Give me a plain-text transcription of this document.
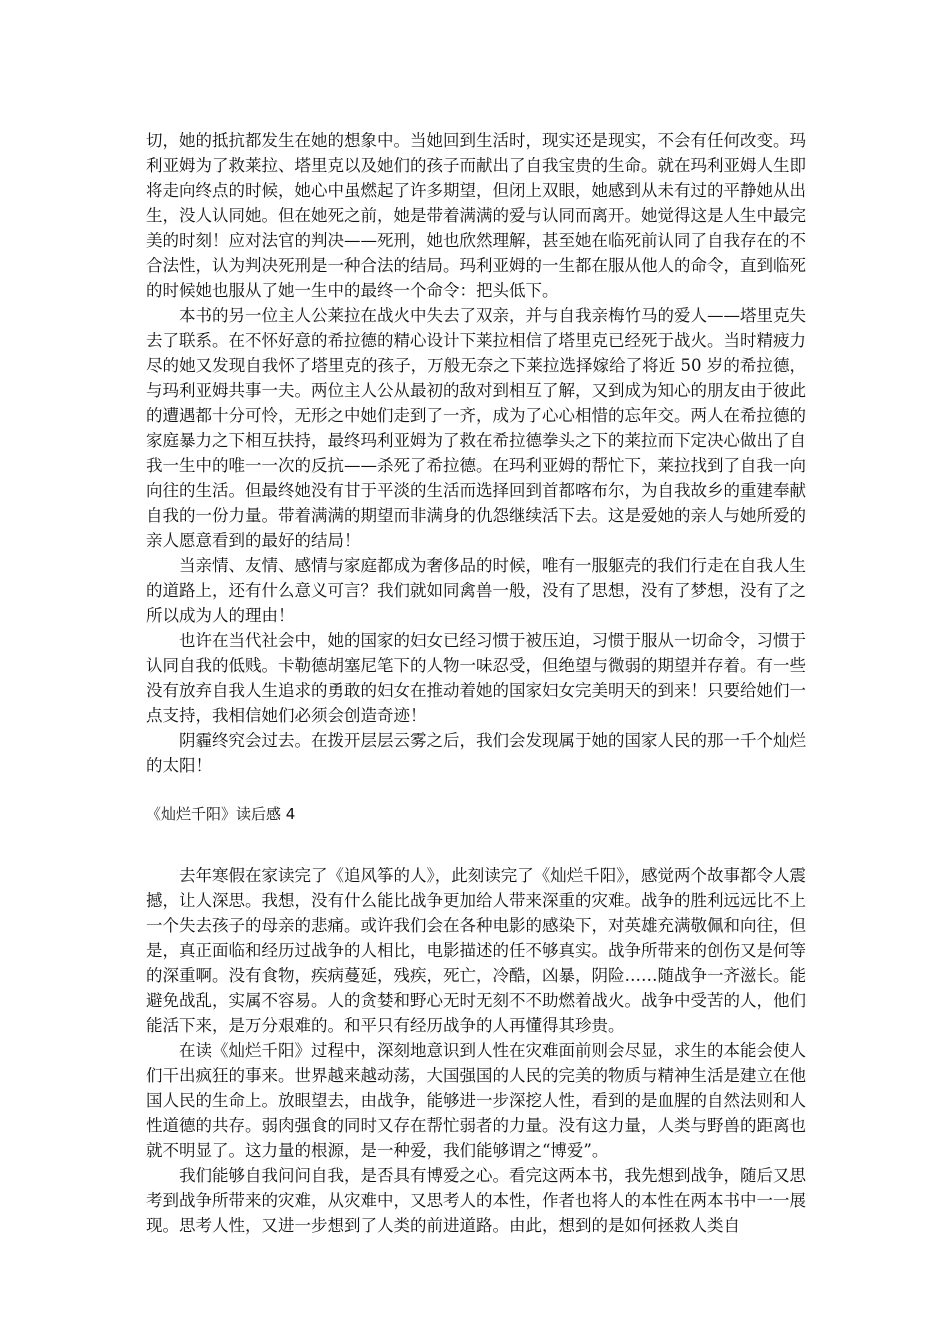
切，她的抵抗都发生在她的想象中。当她回到生活时，现实还是现实，不会有任何改变。玛利亚姆为了救莱拉、塔里克以及她们的孩子而献出了自我宝贵的生命。就在玛利亚姆人生即将走向终点的时候，她心中虽燃起了许多期望，但闭上双眼，她感到从未有过的平静她从出生，没人认同她。但在她死之前，她是带着满满的爱与认同而离开。她觉得这是人生中最完美的时刻！应对法官的判决——死刑，她也欣然理解，甚至她在临死前认同了自我存在的不合法性，认为判决死刑是一种合法的结局。玛利亚姆的一生都在服从他人的命令，直到临死的时候她也服从了她一生中的最终一个命令：把头低下。

本书的另一位主人公莱拉在战火中失去了双亲，并与自我亲梅竹马的爱人——塔里克失去了联系。在不怀好意的希拉德的精心设计下莱拉相信了塔里克已经死于战火。当时精疲力尽的她又发现自我怀了塔里克的孩子，万般无奈之下莱拉选择嫁给了将近 50 岁的希拉德，与玛利亚姆共事一夫。两位主人公从最初的敌对到相互了解，又到成为知心的朋友由于彼此的遭遇都十分可怜，无形之中她们走到了一齐，成为了心心相惜的忘年交。两人在希拉德的家庭暴力之下相互扶持，最终玛利亚姆为了救在希拉德拳头之下的莱拉而下定决心做出了自我一生中的唯一一次的反抗——杀死了希拉德。在玛利亚姆的帮忙下，莱拉找到了自我一向向往的生活。但最终她没有甘于平淡的生活而选择回到首都喀布尔，为自我故乡的重建奉献自我的一份力量。带着满满的期望而非满身的仇怨继续活下去。这是爱她的亲人与她所爱的亲人愿意看到的最好的结局！

当亲情、友情、感情与家庭都成为奢侈品的时候，唯有一服躯壳的我们行走在自我人生的道路上，还有什么意义可言？我们就如同禽兽一般，没有了思想，没有了梦想，没有了之所以成为人的理由！

也许在当代社会中，她的国家的妇女已经习惯于被压迫，习惯于服从一切命令，习惯于认同自我的低贱。卡勒德胡塞尼笔下的人物一味忍受，但绝望与微弱的期望并存着。有一些没有放弃自我人生追求的勇敢的妇女在推动着她的国家妇女完美明天的到来！只要给她们一点支持，我相信她们必须会创造奇迹！

阴霾终究会过去。在拨开层层云雾之后，我们会发现属于她的国家人民的那一千个灿烂的太阳！

《灿烂千阳》读后感 4

去年寒假在家读完了《追风筝的人》，此刻读完了《灿烂千阳》，感觉两个故事都令人震撼，让人深思。我想，没有什么能比战争更加给人带来深重的灾难。战争的胜利远远比不上一个失去孩子的母亲的悲痛。或许我们会在各种电影的感染下，对英雄充满敬佩和向往，但是，真正面临和经历过战争的人相比，电影描述的任不够真实。战争所带来的创伤又是何等的深重啊。没有食物，疾病蔓延，残疾，死亡，冷酷，凶暴，阴险……随战争一齐滋长。能避免战乱，实属不容易。人的贪婪和野心无时无刻不不助燃着战火。战争中受苦的人，他们能活下来，是万分艰难的。和平只有经历战争的人再懂得其珍贵。

在读《灿烂千阳》过程中，深刻地意识到人性在灾难面前则会尽显，求生的本能会使人们干出疯狂的事来。世界越来越动荡，大国强国的人民的完美的物质与精神生活是建立在他国人民的生命上。放眼望去，由战争，能够进一步深挖人性，看到的是血腥的自然法则和人性道德的共存。弱肉强食的同时又存在帮忙弱者的力量。没有这力量，人类与野兽的距离也就不明显了。这力量的根源，是一种爱，我们能够谓之“博爱”。

我们能够自我问问自我，是否具有博爱之心。看完这两本书，我先想到战争，随后又思考到战争所带来的灾难，从灾难中，又思考人的本性，作者也将人的本性在两本书中一一展现。思考人性，又进一步想到了人类的前进道路。由此，想到的是如何拯救人类自
